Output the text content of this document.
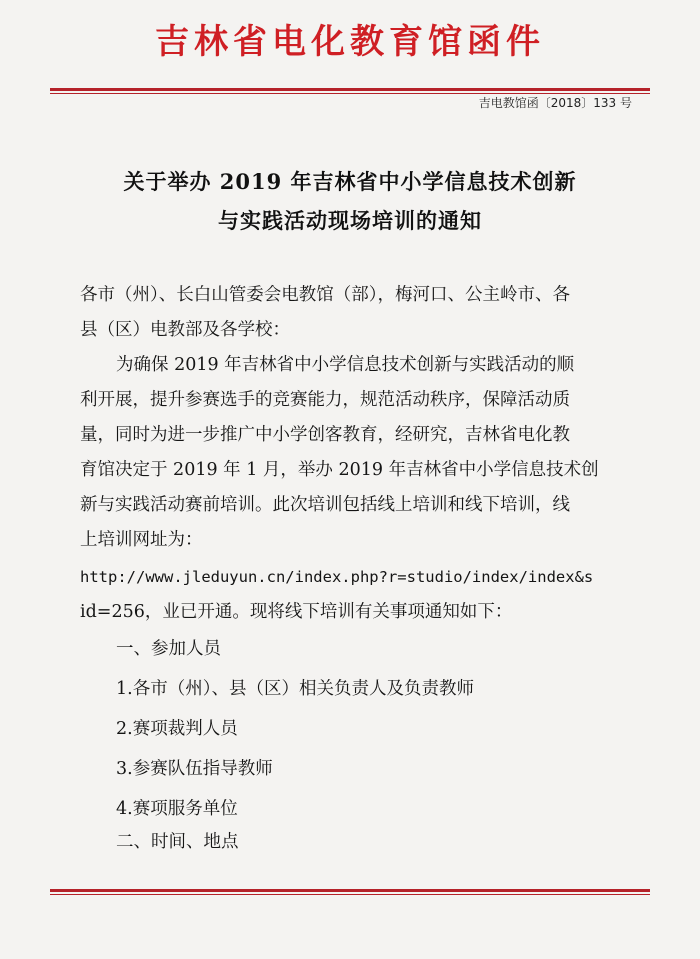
吉林省电化教育馆函件
吉电教馆函〔2018〕133 号
关于举办 2019 年吉林省中小学信息技术创新
与实践活动现场培训的通知
各市（州）、长白山管委会电教馆（部），梅河口、公主岭市、各
县（区）电教部及各学校：
为确保 2019 年吉林省中小学信息技术创新与实践活动的顺
利开展，提升参赛选手的竞赛能力，规范活动秩序，保障活动质
量，同时为进一步推广中小学创客教育，经研究，吉林省电化教
育馆决定于 2019 年 1 月，举办 2019 年吉林省中小学信息技术创
新与实践活动赛前培训。此次培训包括线上培训和线下培训，线
上培训网址为：
http://www.jleduyun.cn/index.php?r=studio/index/index&s
id=256，业已开通。现将线下培训有关事项通知如下：
一、参加人员
1.各市（州）、县（区）相关负责人及负责教师
2.赛项裁判人员
3.参赛队伍指导教师
4.赛项服务单位
二、时间、地点
